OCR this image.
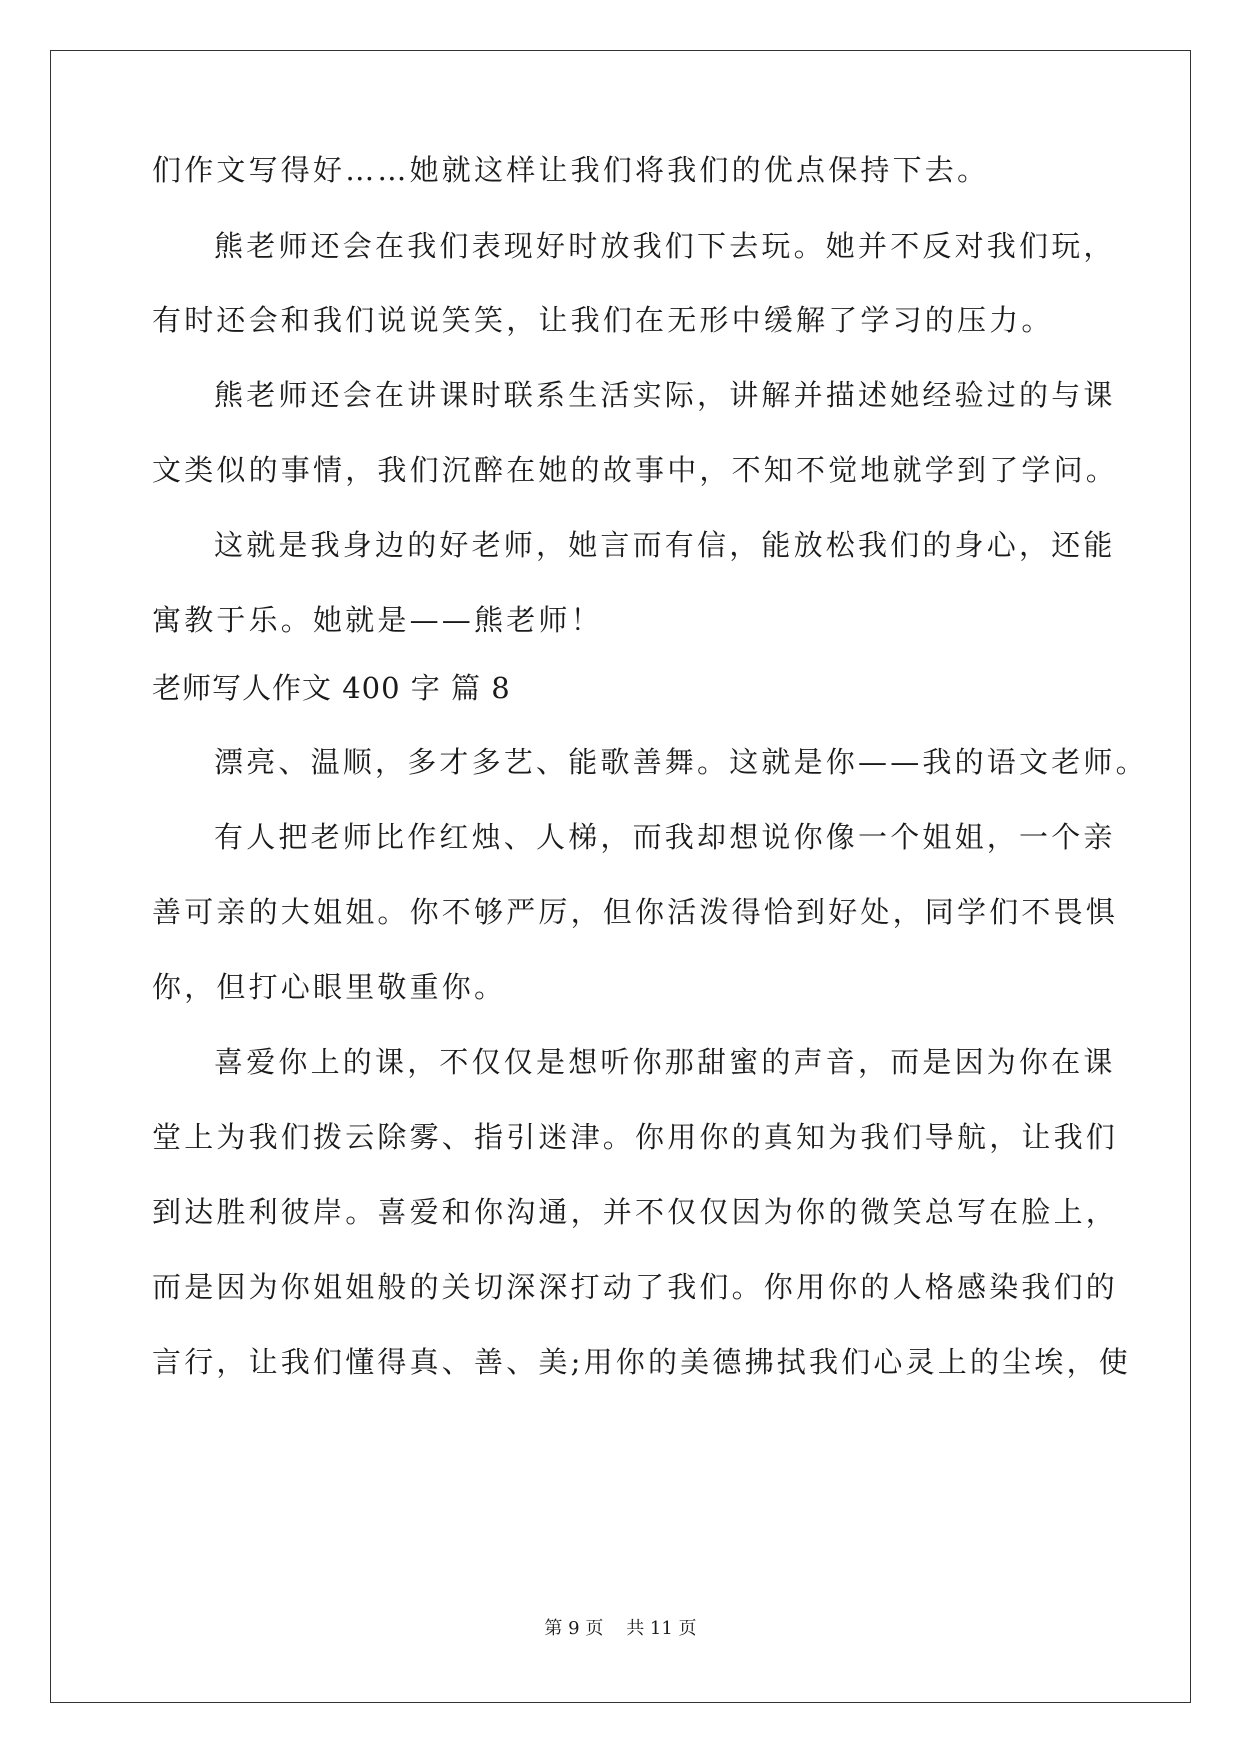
们作文写得好……她就这样让我们将我们的优点保持下去。
熊老师还会在我们表现好时放我们下去玩。她并不反对我们玩，
有时还会和我们说说笑笑，让我们在无形中缓解了学习的压力。
熊老师还会在讲课时联系生活实际，讲解并描述她经验过的与课
文类似的事情，我们沉醉在她的故事中，不知不觉地就学到了学问。
这就是我身边的好老师，她言而有信，能放松我们的身心，还能
寓教于乐。她就是——熊老师！
老师写人作文 400 字 篇 8
漂亮、温顺，多才多艺、能歌善舞。这就是你——我的语文老师。
有人把老师比作红烛、人梯，而我却想说你像一个姐姐，一个亲
善可亲的大姐姐。你不够严厉，但你活泼得恰到好处，同学们不畏惧
你，但打心眼里敬重你。
喜爱你上的课，不仅仅是想听你那甜蜜的声音，而是因为你在课
堂上为我们拨云除雾、指引迷津。你用你的真知为我们导航，让我们
到达胜利彼岸。喜爱和你沟通，并不仅仅因为你的微笑总写在脸上，
而是因为你姐姐般的关切深深打动了我们。你用你的人格感染我们的
言行，让我们懂得真、善、美;用你的美德拂拭我们心灵上的尘埃，使
第 9 页    共 11 页
